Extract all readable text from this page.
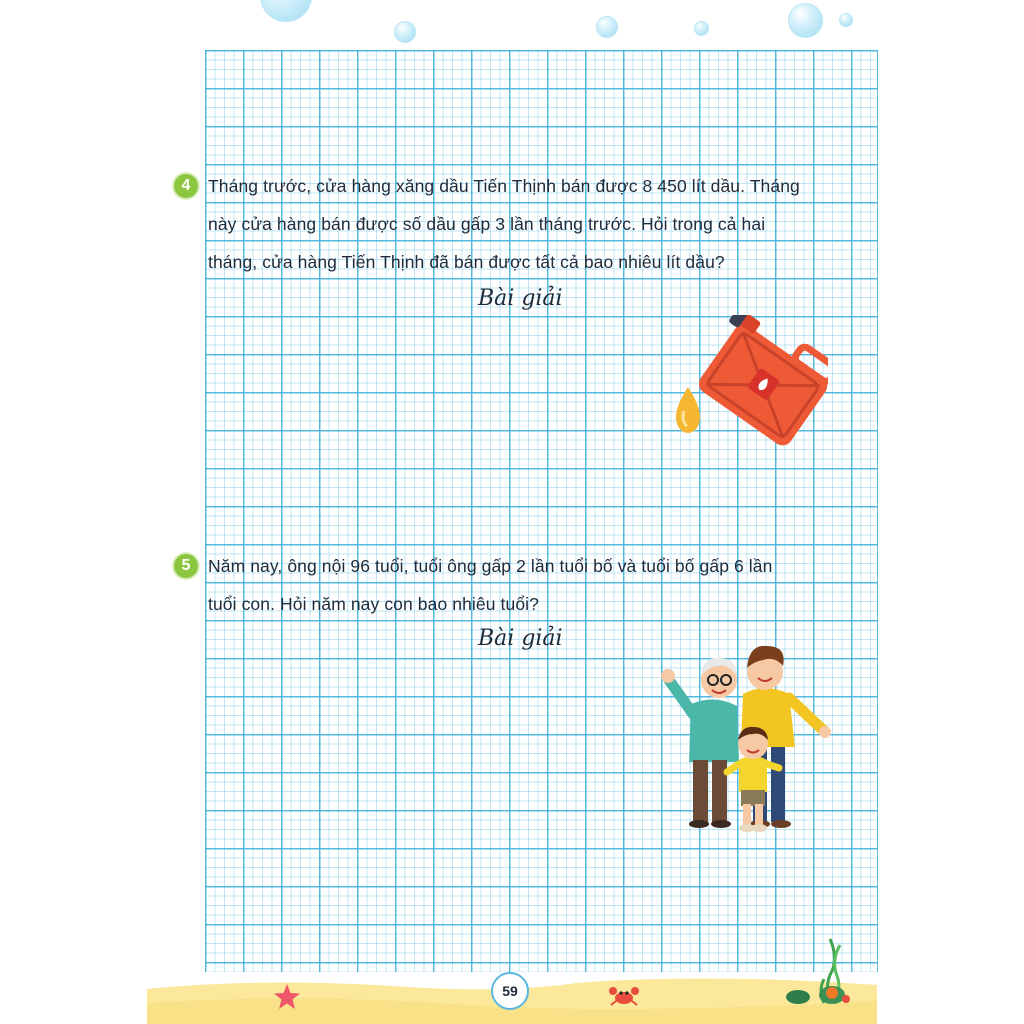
4	Tháng trước, cửa hàng xăng dầu Tiến Thịnh bán được 8 450 lít dầu. Tháng
này cửa hàng bán được số dầu gấp 3 lần tháng trước. Hỏi trong cả hai
tháng, cửa hàng Tiến Thịnh đã bán được tất cả bao nhiêu lít dầu?
Bài giải
5	Năm nay, ông nội 96 tuổi, tuổi ông gấp 2 lần tuổi bố và tuổi bố gấp 6 lần
tuổi con. Hỏi năm nay con bao nhiêu tuổi?
Bài giải
59
